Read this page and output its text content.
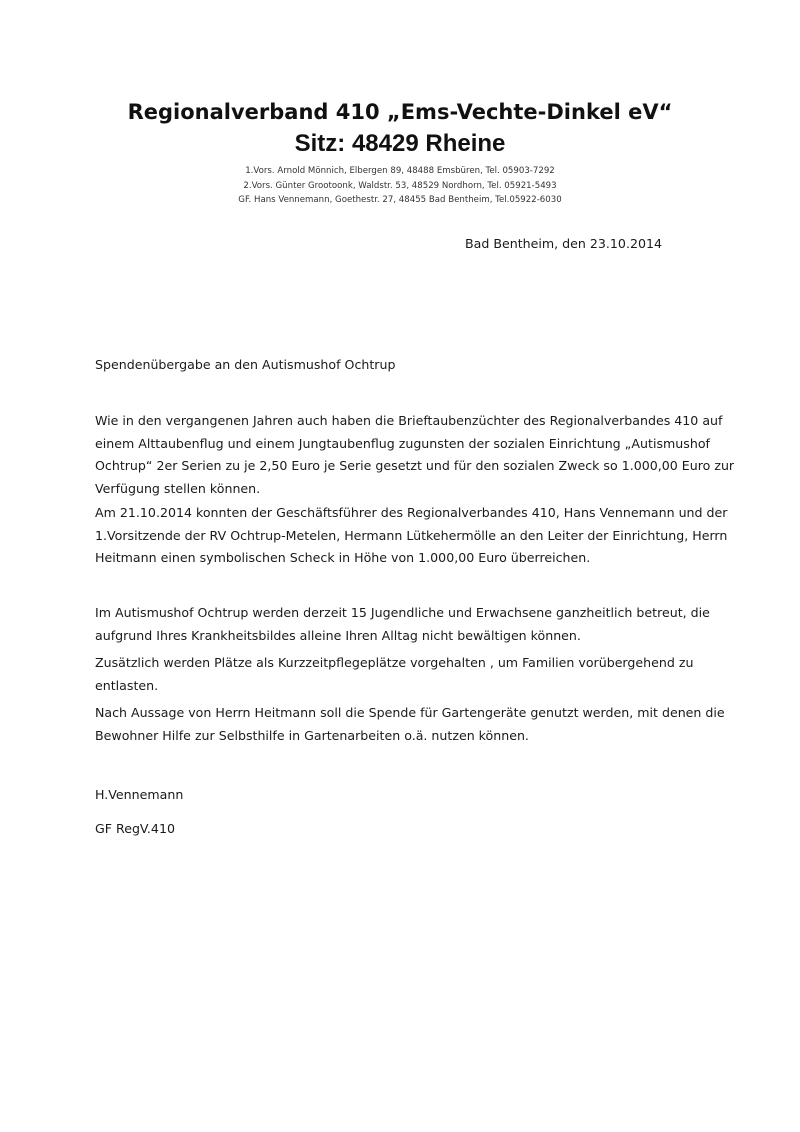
Regionalverband 410 „Ems-Vechte-Dinkel eV“
Sitz: 48429 Rheine
1.Vors. Arnold Mönnich, Elbergen 89, 48488 Emsbüren, Tel. 05903-7292
2.Vors. Günter Grootoonk, Waldstr. 53, 48529 Nordhorn, Tel. 05921-5493
GF. Hans Vennemann, Goethestr. 27, 48455 Bad Bentheim, Tel.05922-6030
Bad Bentheim, den 23.10.2014
Spendenübergabe an den Autismushof Ochtrup
Wie in den vergangenen Jahren auch haben die Brieftaubenzüchter des Regionalverbandes 410 auf
einem Alttaubenflug und einem Jungtaubenflug zugunsten der sozialen Einrichtung „Autismushof
Ochtrup“ 2er Serien zu je 2,50 Euro je Serie gesetzt und für den sozialen Zweck so 1.000,00 Euro zur
Verfügung stellen können.
Am 21.10.2014 konnten der Geschäftsführer des Regionalverbandes 410, Hans Vennemann und der
1.Vorsitzende der RV Ochtrup-Metelen, Hermann Lütkehermölle an den Leiter der Einrichtung, Herrn
Heitmann einen symbolischen Scheck in Höhe von 1.000,00 Euro überreichen.
Im Autismushof Ochtrup werden derzeit 15 Jugendliche und Erwachsene ganzheitlich betreut, die
aufgrund Ihres Krankheitsbildes alleine Ihren Alltag nicht bewältigen können.
Zusätzlich werden Plätze als Kurzzeitpflegeplätze vorgehalten , um Familien vorübergehend zu
entlasten.
Nach Aussage von Herrn Heitmann soll die Spende für Gartengeräte genutzt werden, mit denen die
Bewohner Hilfe zur Selbsthilfe in Gartenarbeiten o.ä. nutzen können.
H.Vennemann
GF RegV.410
